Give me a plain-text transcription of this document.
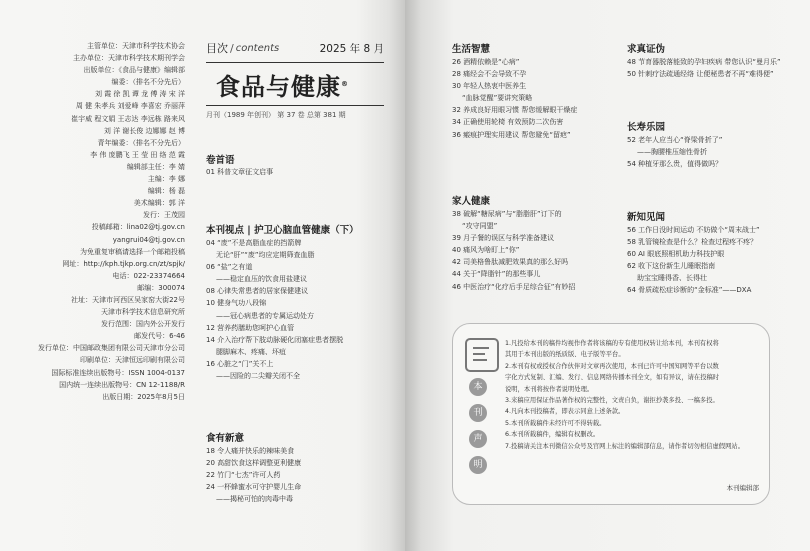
主管单位：天津市科学技术协会
主办单位：天津市科学技术期刊学会
出版单位：《食品与健康》编辑部
编委：（排名不分先后）
刘 霞 徐 凯 谭 龙 傅 涛 宋 洋
周 健 朱孝兵 刘爱峰 李喜宏 乔丽萍
崔宇威 程文娟 王志达 李远栋 路来风
刘 洋 谢长俊 边娜娜 赵 博
青年编委：（排名不分先后）
李 伟 庞鹏飞 王 莹 田 络 范 霞
编辑部主任：李 婧
主编：李 娜
编辑：杨 磊
美术编辑：郭 洋
发行：王茂园
投稿邮箱：lina02@tj.gov.cn
yangrui04@tj.gov.cn
为免重复审稿请选择一个邮箱投稿
网址：http://kph.tjkp.org.cn/zt/spjk/
电话：022-23374664
邮编：300074
社址：天津市河西区吴家窑大街22号
天津市科学技术信息研究所
发行范围：国内外公开发行
邮发代号：6-46
发行单位：中国邮政集团有限公司天津市分公司
印刷单位：天津恒远印刷有限公司
国际标准连续出版物号：ISSN 1004-0137
国内统一连续出版物号：CN 12-1188/R
出版日期：2025年8月5日
目次 / contents	2025 年 8 月
食品与健康®
月刊（1989 年创刊） 第 37 卷 总第 381 期
卷首语
01 科普文章征文启事
本刊视点 | 护卫心脑血管健康（下）
04 “废”不是高脂血症的挡箭牌
无论“肝”“废”均应定期筛查血脂
06 “盐”之有道
——稳定血压的饮食用盐建议
08 心律失常患者的居家保健建议
10 健身气功八段锦
——冠心病患者的专属运动处方
12 营养药膳助您呵护心血管
14 介入治疗帮下肢动脉硬化闭塞症患者摆脱
腿脚麻木、疼痛、坏疽
16 心脏之“门”关不上
——因险的二尖瓣关闭不全
食有新意
18 令人痛并快乐的辣味美食
20 高甜饮食这样调整更利健康
22 竹门“七杰”许可人药
24 一杯蜂蜜水可守护婴儿生命
——揭秘可怕的肉毒中毒
生活智慧
26 酒精依赖是“心病”
28 痛经会不会导致不孕
30 年轻人热衷中医养生
“血脉觉醒”要讲究策略
32 养成良好用眼习惯 帮您缓解眼干燥症
34 正确使用轮椅 有效预防二次伤害
36 瘢痕护理实用建议 帮您避免“留疤”
家人健康
38 破解“糖尿病”与“脂脂肝”订下的
“攻守同盟”
39 月子餐的误区与科学准备建议
40 痛风为啥盯上“你”
42 司美格鲁肽减肥效果真的那么好吗
44 关于“降脂针”的那些事儿
46 中医治疗“化疗后手足综合征”有妙招
求真证伪
48 节育器脱落能致的孕妇疾病 带您认识“曼月乐”
50 针刺疗法疏通经络 让便秘患者不再“难得便”
长寿乐园
52 老年人应当心“脊梁骨折了”
——胸腰椎压缩性骨折
54 种植牙那么贵，值得做吗？
新知见闻
56 工作日没时间运动 不妨做个“周末战士”
58 乳管镜检查是什么？检查过程疼不疼？
60 AI 眼底照相机助力科技护眼
62 收下这份新生儿睡眠指南
助宝宝睡得香、长得壮
64 骨质疏松症诊断的“金标准”——DXA
本
刊
声
明
1.凡投给本刊的稿件均视作作者将该稿的专有使用权转让给本刊，本刊有权将
其用于本刊出版的纸质版、电子版等平台。
2.本刊有权或授权合作伙伴对文章再次使用，本刊已许可中国知网等平台以数
字化方式复制、汇编、发行、信息网络传播本刊全文，如有异议，请在投稿时
说明，本刊将按作者说明处理。
3.来稿应用保证作品著作权的完整性，文责自负，谢拒抄袭多投、一稿多投。
4.凡向本刊投稿者，即表示同意上述条款。
5.本刊所载稿件未经许可不得转载。
6.本刊所载稿件，编辑有权删改。
7.投稿请关注本刊微信公众号及官网上标注的编辑部信息，请作者切勿相信虚假网站。
本刊编辑部
